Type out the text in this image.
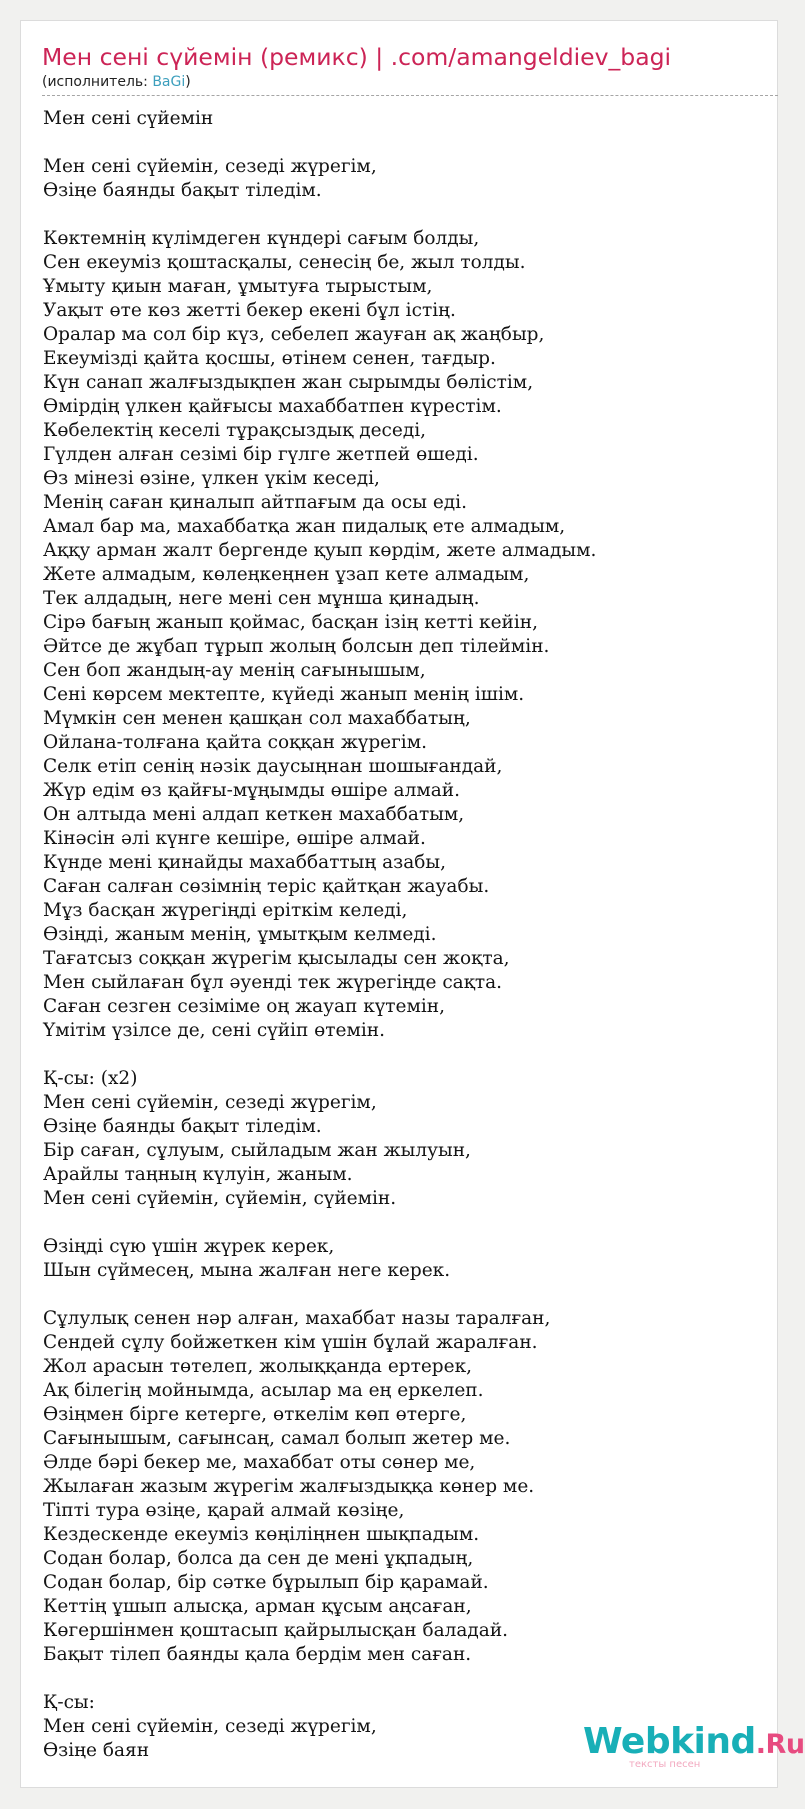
Мен сені сүйемін (ремикс) | .com/amangeldiev_bagi
(исполнитель: BaGi)
Мен сені сүйемін

Мен сені сүйемін, сезеді жүрегім,
Өзіңе баянды бақыт тіледім.

Көктемнің күлімдеген күндері сағым болды,
Сен екеуміз қоштасқалы, сенесің бе, жыл толды.
Ұмыту қиын маған, ұмытуға тырыстым,
Уақыт өте көз жетті бекер екені бұл істің.
Оралар ма сол бір күз, себелеп жауған ақ жаңбыр,
Екеумізді қайта қосшы, өтінем сенен, тағдыр.
Күн санап жалғыздықпен жан сырымды бөлістім,
Өмірдің үлкен қайғысы махаббатпен күрестім.
Көбелектің кеселі тұрақсыздық деседі,
Гүлден алған сезімі бір гүлге жетпей өшеді.
Өз мінезі өзіне, үлкен үкім кеседі,
Менің саған қиналып айтпағым да осы еді.
Амал бар ма, махаббатқа жан пидалық ете алмадым,
Аққу арман жалт бергенде қуып көрдім, жете алмадым.
Жете алмадым, көлеңкеңнен ұзап кете алмадым,
Тек алдадың, неге мені сен мұнша қинадың.
Сірә бағың жанып қоймас, басқан ізің кетті кейін,
Әйтсе де жұбап тұрып жолың болсын деп тілеймін.
Сен боп жандың-ау менің сағынышым,
Сені көрсем мектепте, күйеді жанып менің ішім.
Мүмкін сен менен қашқан сол махаббатың,
Ойлана-толғана қайта соққан жүрегім.
Селк етіп сенің нәзік даусыңнан шошығандай,
Жүр едім өз қайғы-мұңымды өшіре алмай.
Он алтыда мені алдап кеткен махаббатым,
Кінәсін әлі күнге кешіре, өшіре алмай.
Күнде мені қинайды махаббаттың азабы,
Саған салған сөзімнің теріс қайтқан жауабы.
Мұз басқан жүрегіңді еріткім келеді,
Өзіңді, жаным менің, ұмытқым келмеді.
Тағатсыз соққан жүрегім қысылады сен жоқта,
Мен сыйлаған бұл әуенді тек жүрегіңде сақта.
Саған сезген сезіміме оң жауап күтемін,
Үмітім үзілсе де, сені сүйіп өтемін.

Қ-сы: (х2)
Мен сені сүйемін, сезеді жүрегім,
Өзіңе баянды бақыт тіледім.
Бір саған, сұлуым, сыйладым жан жылуын,
Арайлы таңның күлуін, жаным.
Мен сені сүйемін, сүйемін, сүйемін.

Өзіңді сүю үшін жүрек керек,
Шын сүймесең, мына жалған неге керек.

Сұлулық сенен нәр алған, махаббат назы таралған,
Сендей сұлу бойжеткен кім үшін бұлай жаралған.
Жол арасын төтелеп, жолыққанда ертерек,
Ақ білегің мойнымда, асылар ма ең еркелеп.
Өзіңмен бірге кетерге, өткелім көп өтерге,
Сағынышым, сағынсаң, самал болып жетер ме.
Әлде бәрі бекер ме, махаббат оты сөнер ме,
Жылаған жазым жүрегім жалғыздыққа көнер ме.
Тіпті тура өзіңе, қарай алмай көзіңе,
Кездескенде екеуміз көңіліңнен шықпадым.
Содан болар, болса да сен де мені ұқпадың,
Содан болар, бір сәтке бұрылып бір қарамай.
Кеттің ұшып алысқа, арман құсым аңсаған,
Көгершінмен қоштасып қайрылысқан баладай.
Бақыт тілеп баянды қала бердім мен саған.

Қ-сы:
Мен сені сүйемін, сезеді жүрегім,
Өзіңе баян	Webkind.Ru
тексты песен
